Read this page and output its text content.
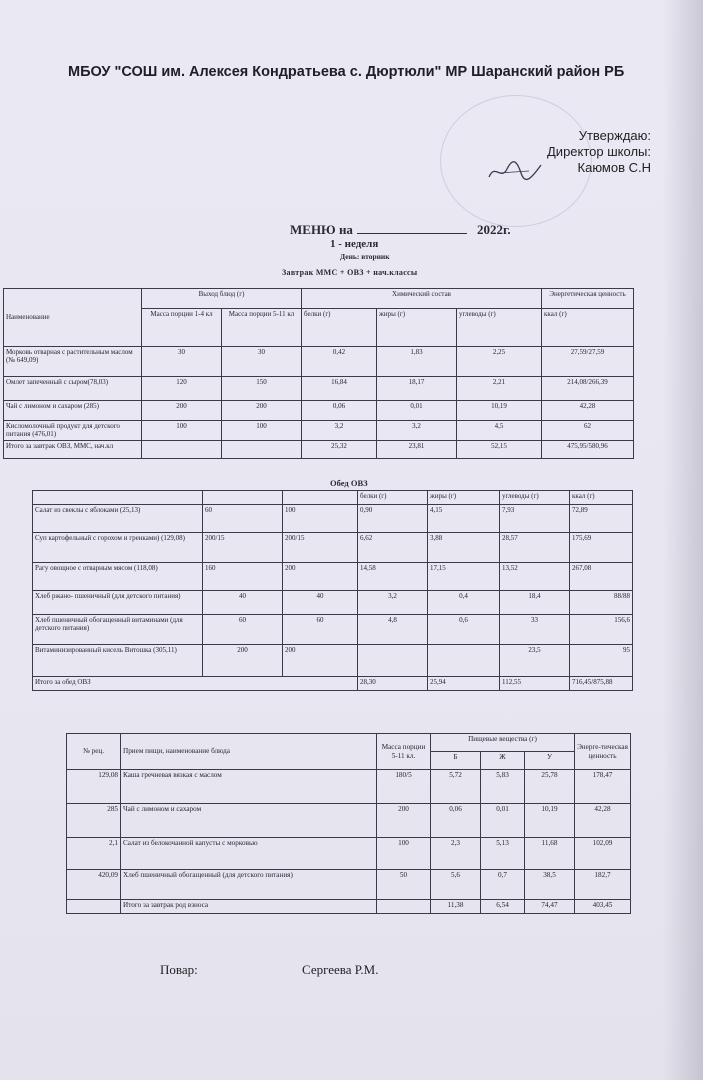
МБОУ "СОШ им. Алексея Кондратьева с. Дюртюли" МР Шаранский район РБ
Утверждаю:
Директор школы:
Каюмов С.Н
МЕНЮ на	2022г.
1 - неделя
День: вторник
Завтрак ММС + ОВЗ + нач.классы
Наименование	Выход блюд (г)		Химический состав			Энергетическая ценность
	Масса порции 1-4 кл	Масса порции 5-11 кл	белки (г)	жиры (г)	углеводы (г)	ккал (г)
Морковь отварная с растительным маслом (№ 649,09)	30	30	0,42	1,83	2,25	27,59/27,59
Омлет запеченный с сыром(78,03)	120	150	16,84	18,17	2,21	214,08/266,39
Чай с лимоном и сахаром (285)	200	200	0,06	0,01	10,19	42,28
Кисломолочный продукт для детского питания (476,01)	100	100	3,2	3,2	4,5	62
Итого за завтрак ОВЗ, ММС, нач.кл			25,32	23,81	52,15	475,95/580,96
Обед ОВЗ
			белки (г)	жиры (г)	углеводы (г)	ккал (г)
Салат из свеклы с яблоками (25,13)	60	100	0,90	4,15	7,93	72,89
Суп картофельный с горохом и гренками) (129,08)	200/15	200/15	6,62	3,88	28,57	175,69
Рагу овощное с отварным мясом (118,08)	160	200	14,58	17,15	13,52	267,08
Хлеб ржано- пшеничный (для детского питания)	40	40	3,2	0,4	18,4	88/88
Хлеб пшеничный обогащенный витаминами (для детского питания)	60	60	4,8	0,6	33	156,6
Витаминизированный кисель Витошка (305,11)	200	200			23,5	95
Итого за обед ОВЗ			28,30	25,94	112,55	716,45/875,88
№ рец.	Прием пищи, наименование блюда	Масса порции 5-11 кл.	Пищевые вещества (г)			Энерге-тическая ценность
			Б	Ж	У	
129,08	Каша гречневая вязкая с маслом	180/5	5,72	5,83	25,78	178,47
285	Чай с лимоном и сахаром	200	0,06	0,01	10,19	42,28
2,1	Салат из белокочанной капусты с морковью	100	2,3	5,13	11,68	102,09
420,09	Хлеб пшеничный обогащенный (для детского питания)	50	5,6	0,7	38,5	182,7
	Итого за завтрак род взноса		11,38	6,54	74,47	403,45
Повар:	Сергеева Р.М.
